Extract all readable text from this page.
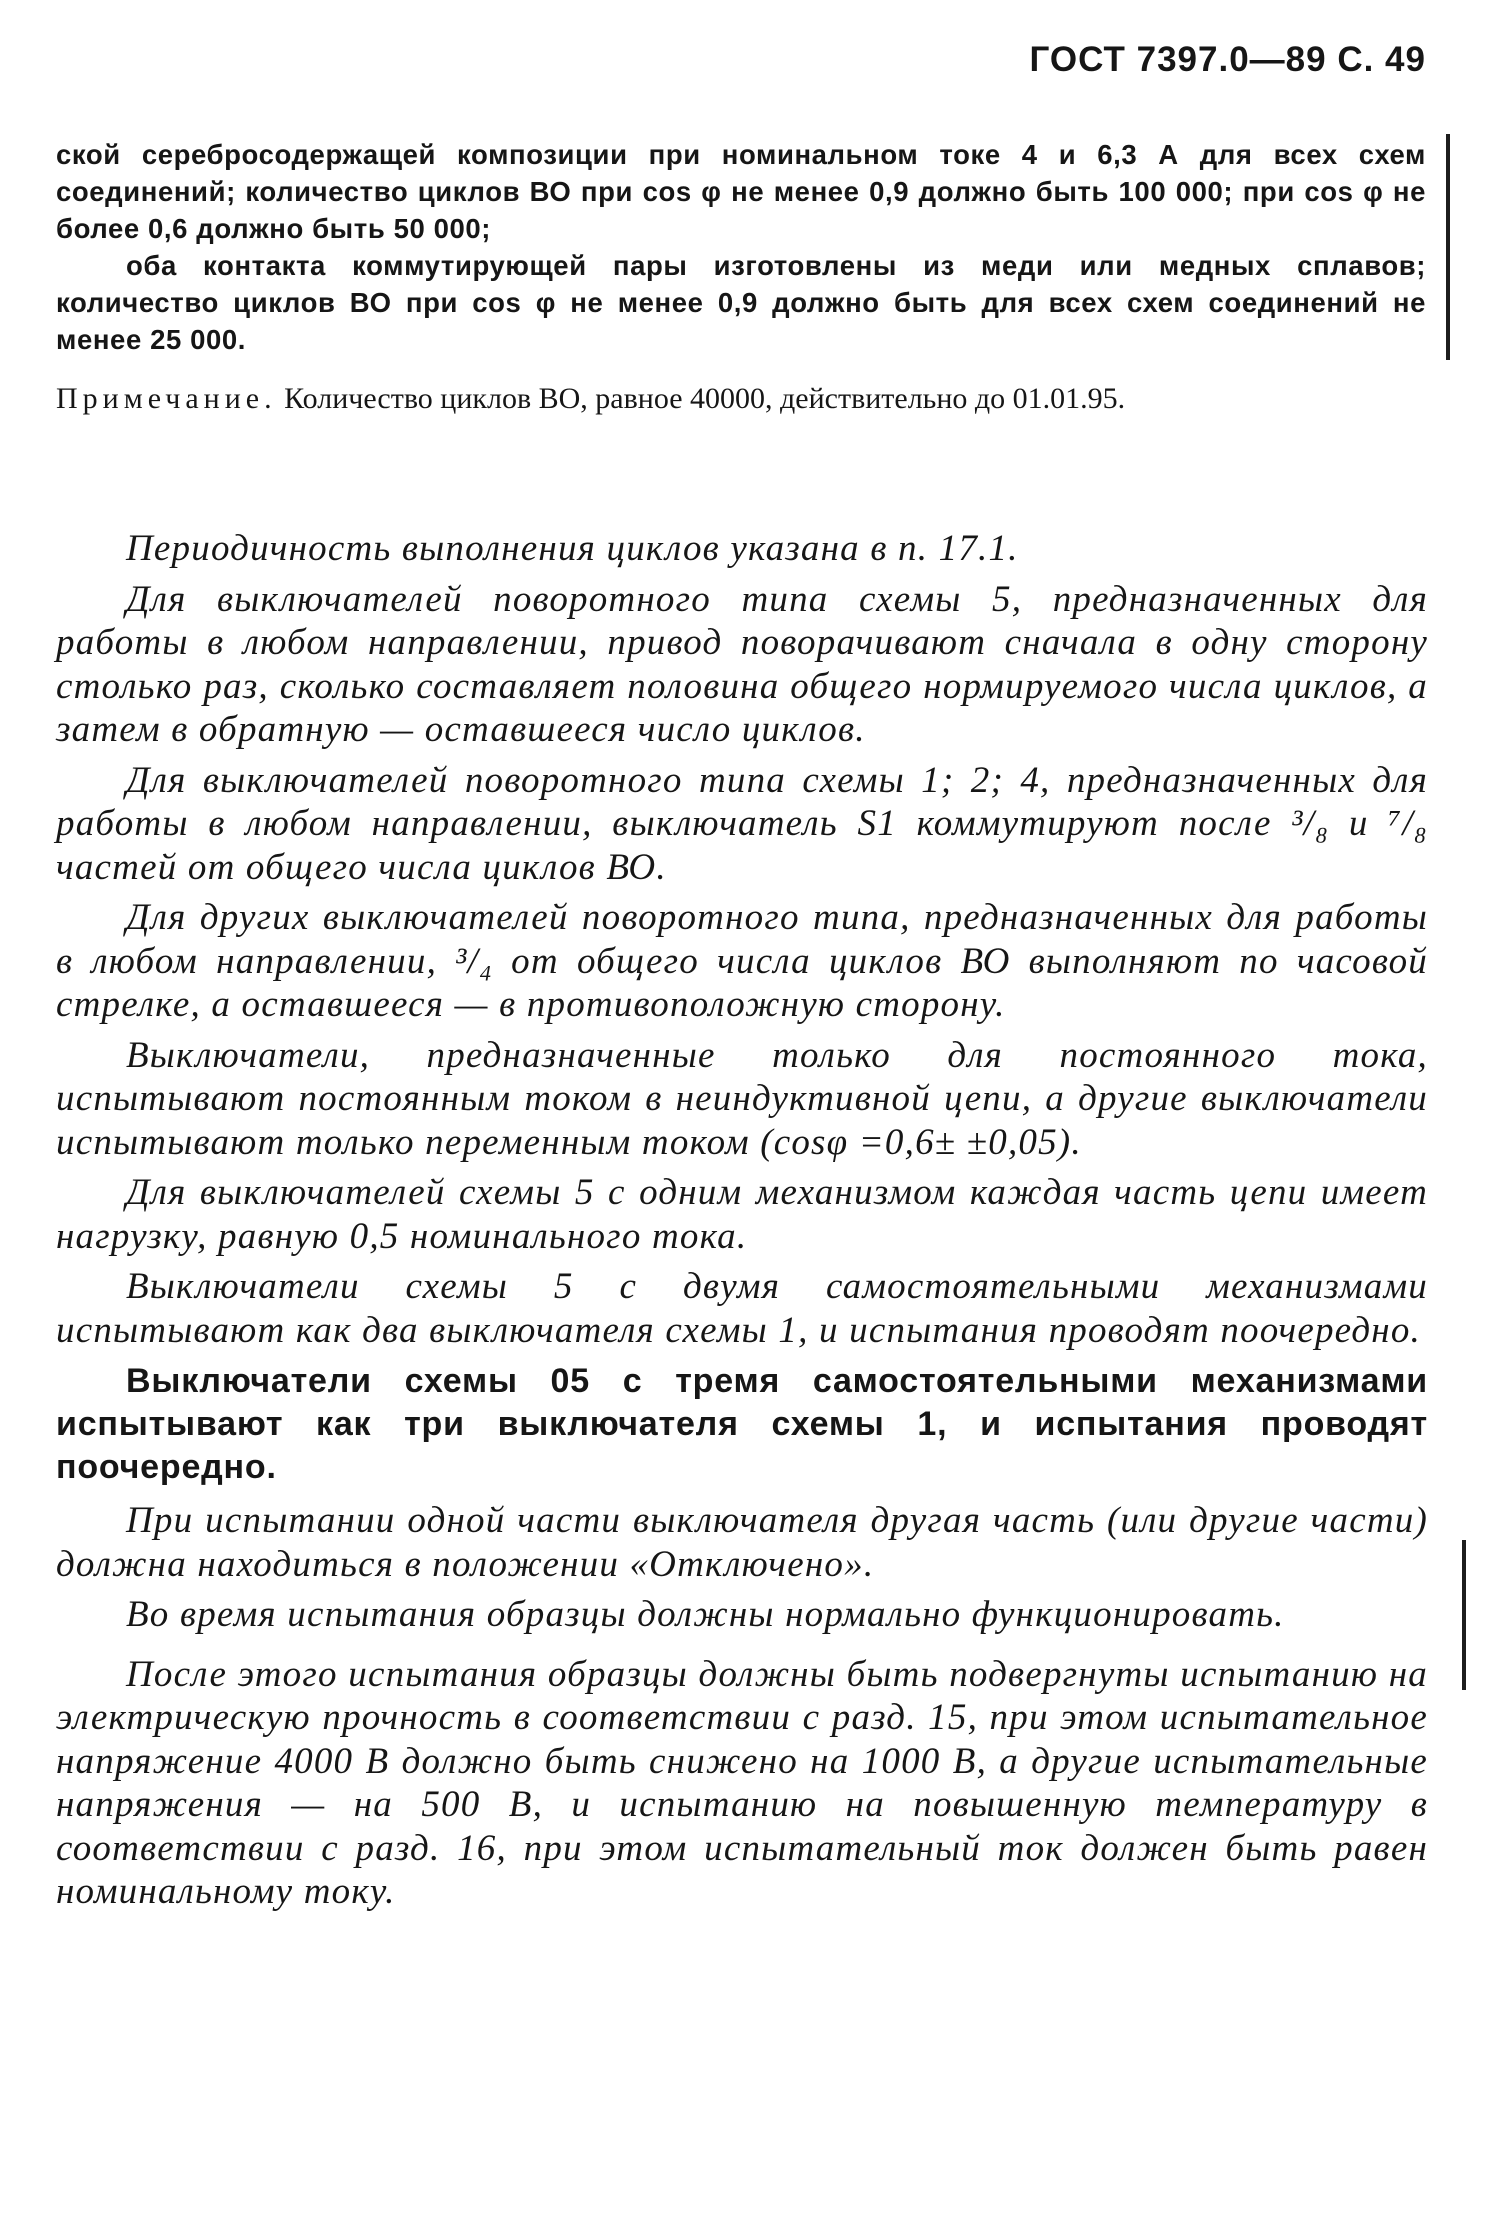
ГОСТ 7397.0—89 С. 49

ской серебросодержащей композиции при номинальном токе 4 и 6,3 А для всех схем соединений; количество циклов ВО при cos φ не менее 0,9 должно быть 100 000; при cos φ не более 0,6 должно быть 50 000;

оба контакта коммутирующей пары изготовлены из меди или медных сплавов; количество циклов ВО при cos φ не менее 0,9 должно быть для всех схем соединений не менее 25 000.

Примечание. Количество циклов ВО, равное 40000, действительно до 01.01.95.

Периодичность выполнения циклов указана в п. 17.1.

Для выключателей поворотного типа схемы 5, предназначенных для работы в любом направлении, привод поворачивают сначала в одну сторону столько раз, сколько составляет половина общего нормируемого числа циклов, а затем в обратную — оставшееся число циклов.

Для выключателей поворотного типа схемы 1; 2; 4, предназначенных для работы в любом направлении, выключатель S1 коммутируют после ³/₈ и ⁷/₈ частей от общего числа циклов ВО.

Для других выключателей поворотного типа, предназначенных для работы в любом направлении, ³/₄ от общего числа циклов ВО выполняют по часовой стрелке, а оставшееся — в противоположную сторону.

Выключатели, предназначенные только для постоянного тока, испытывают постоянным током в неиндуктивной цепи, а другие выключатели испытывают только переменным током (cosφ =0,6± ±0,05).

Для выключателей схемы 5 с одним механизмом каждая часть цепи имеет нагрузку, равную 0,5 номинального тока.

Выключатели схемы 5 с двумя самостоятельными механизмами испытывают как два выключателя схемы 1, и испытания проводят поочередно.

Выключатели схемы 05 с тремя самостоятельными механизмами испытывают как три выключателя схемы 1, и испытания проводят поочередно.

При испытании одной части выключателя другая часть (или другие части) должна находиться в положении «Отключено».

Во время испытания образцы должны нормально функционировать.

После этого испытания образцы должны быть подвергнуты испытанию на электрическую прочность в соответствии с разд. 15, при этом испытательное напряжение 4000 В должно быть снижено на 1000 В, а другие испытательные напряжения — на 500 В, и испытанию на повышенную температуру в соответствии с разд. 16, при этом испытательный ток должен быть равен номинальному току.
